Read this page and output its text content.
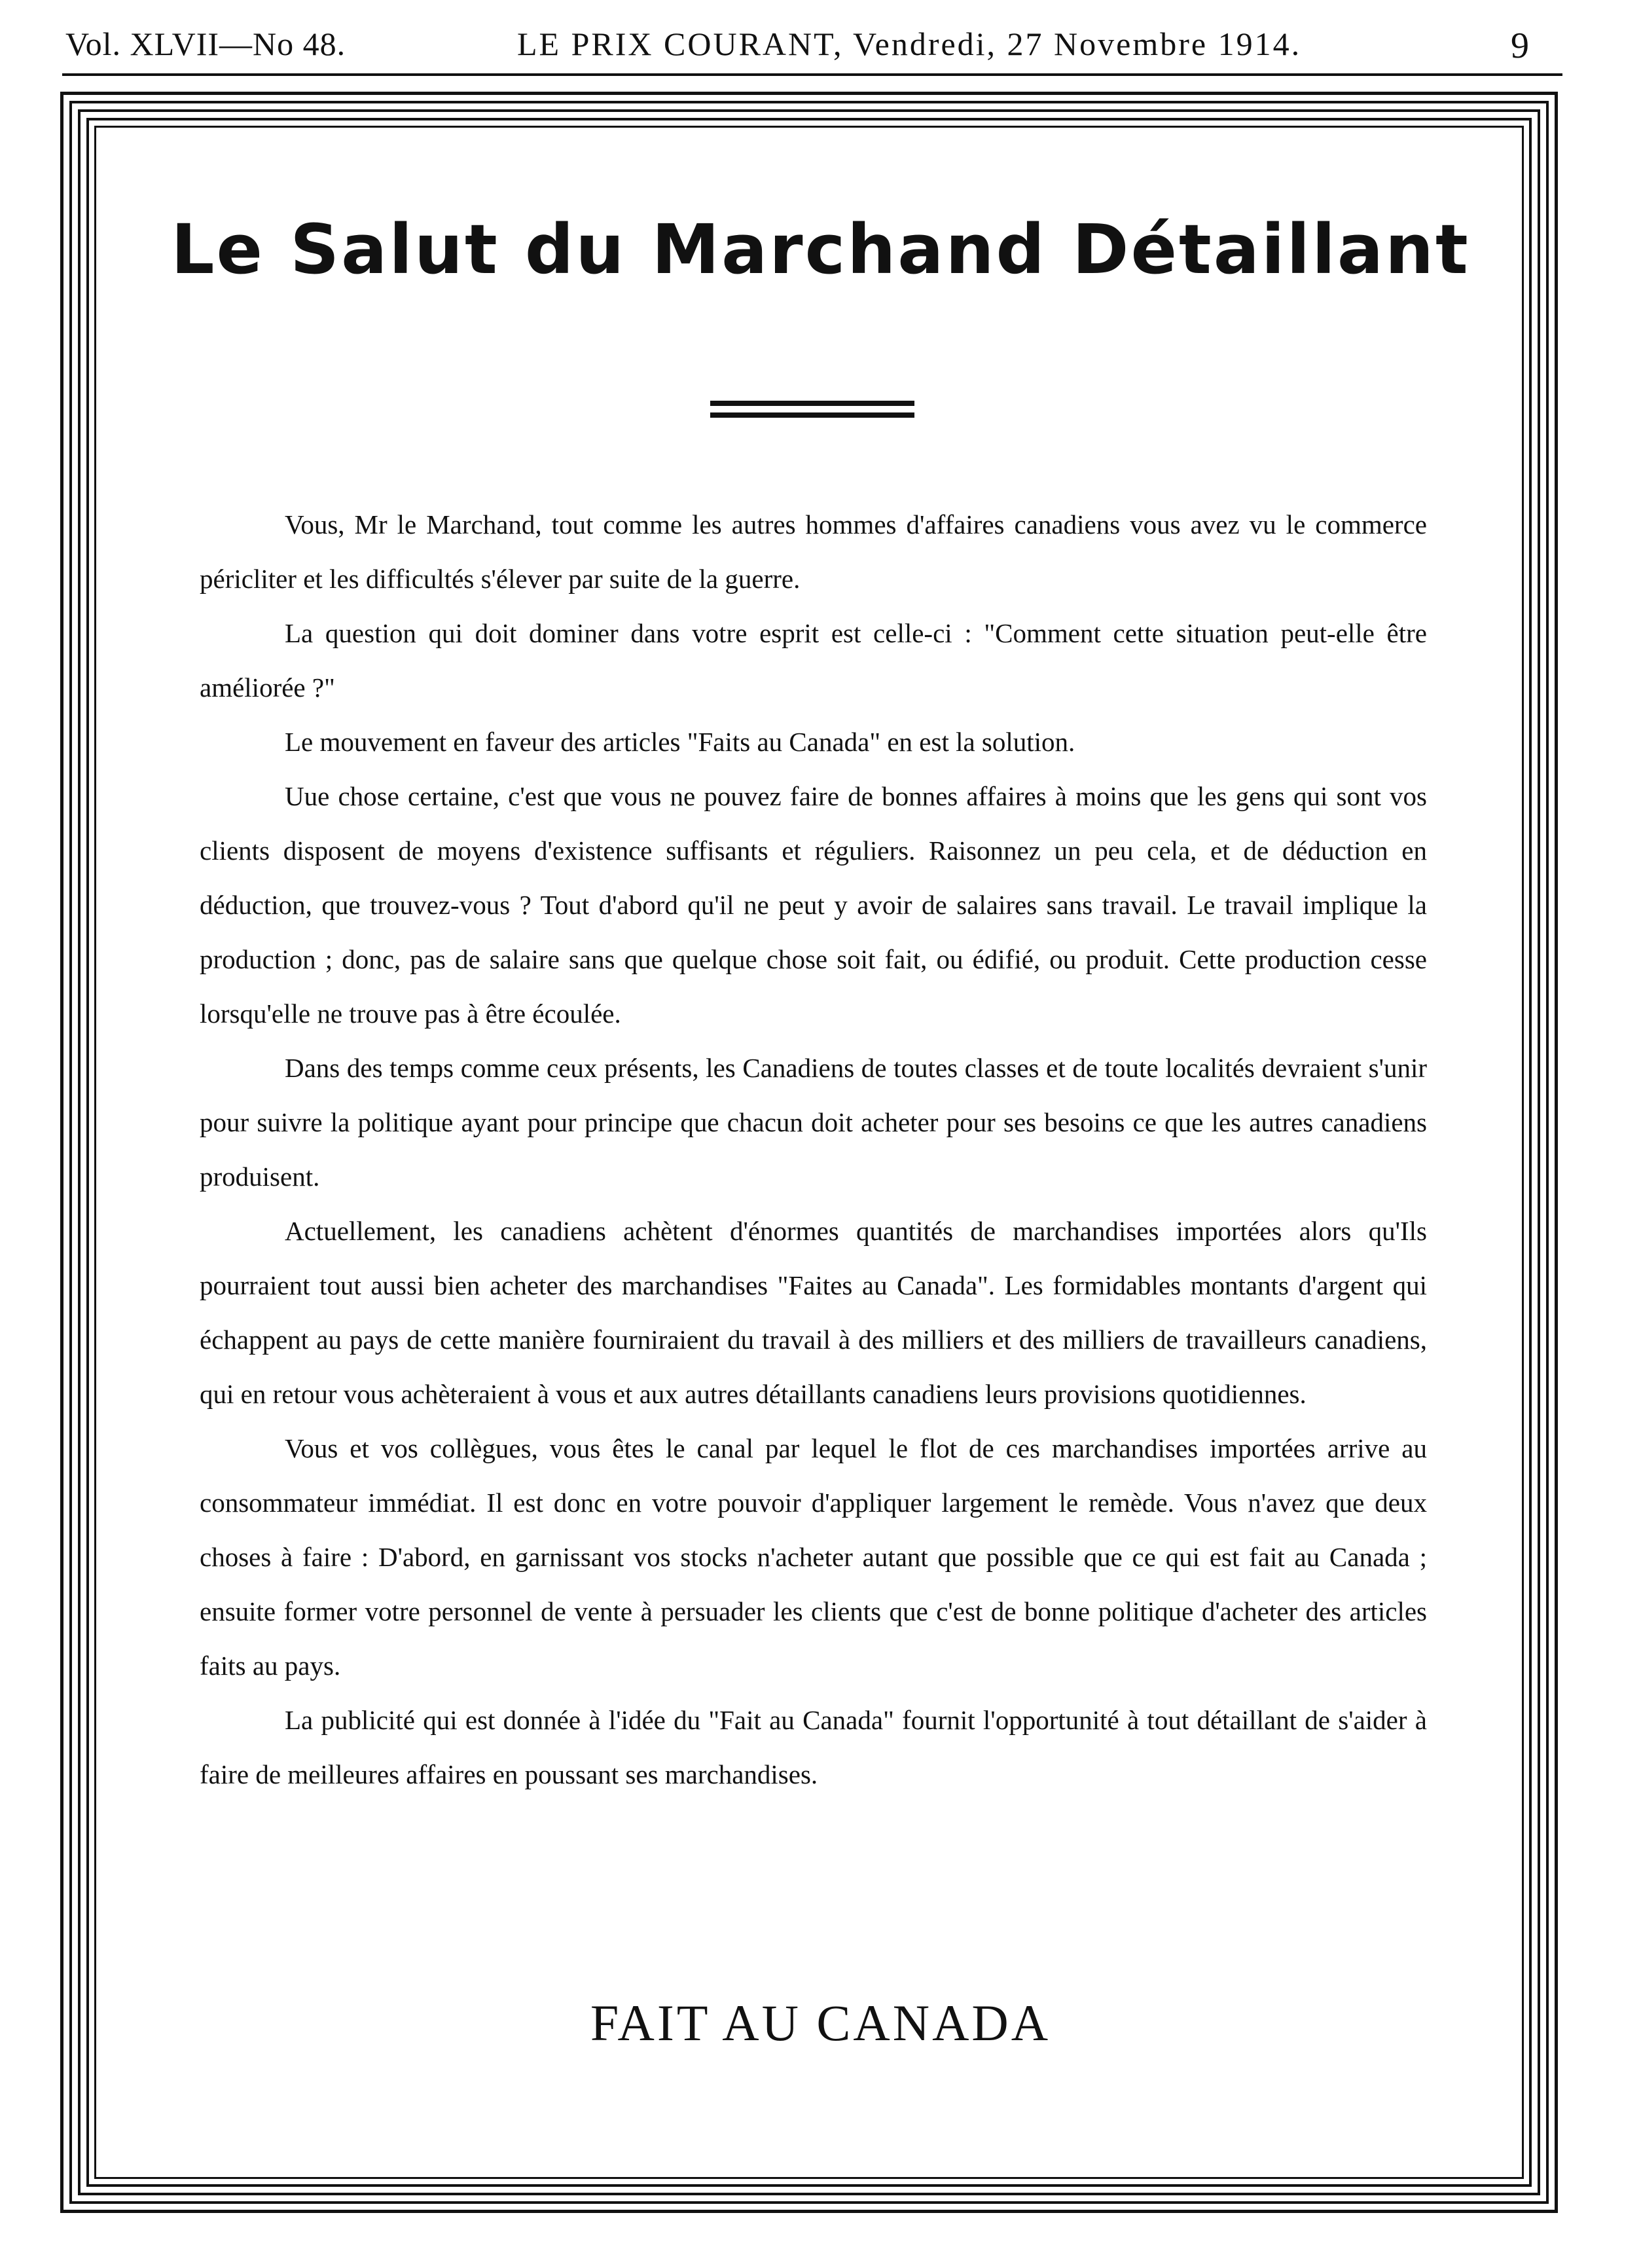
Vol. XLVII—No 48.	LE PRIX COURANT, Vendredi, 27 Novembre 1914.	9
Le Salut du Marchand Détaillant

Vous, Mr le Marchand, tout comme les autres hommes d'affaires canadiens vous avez vu le commerce péricliter et les difficultés s'élever par suite de la guerre.

La question qui doit dominer dans votre esprit est celle-ci : "Comment cette situation peut-elle être améliorée ?"

Le mouvement en faveur des articles "Faits au Canada" en est la solution.

Uue chose certaine, c'est que vous ne pouvez faire de bonnes affaires à moins que les gens qui sont vos clients disposent de moyens d'existence suffisants et réguliers. Raisonnez un peu cela, et de déduction en déduction, que trouvez-vous ? Tout d'abord qu'il ne peut y avoir de salaires sans travail. Le travail implique la production ; donc, pas de salaire sans que quelque chose soit fait, ou édifié, ou produit. Cette production cesse lorsqu'elle ne trouve pas à être écoulée.

Dans des temps comme ceux présents, les Canadiens de toutes classes et de toute localités devraient s'unir pour suivre la politique ayant pour principe que chacun doit acheter pour ses besoins ce que les autres canadiens produisent.

Actuellement, les canadiens achètent d'énormes quantités de marchandises importées alors qu'Ils pourraient tout aussi bien acheter des marchandises "Faites au Canada". Les formidables montants d'argent qui échappent au pays de cette manière fourniraient du travail à des milliers et des milliers de travailleurs canadiens, qui en retour vous achèteraient à vous et aux autres détaillants canadiens leurs provisions quotidiennes.

Vous et vos collègues, vous êtes le canal par lequel le flot de ces marchandises importées arrive au consommateur immédiat. Il est donc en votre pouvoir d'appliquer largement le remède. Vous n'avez que deux choses à faire : D'abord, en garnissant vos stocks n'acheter autant que possible que ce qui est fait au Canada ; ensuite former votre personnel de vente à persuader les clients que c'est de bonne politique d'acheter des articles faits au pays.

La publicité qui est donnée à l'idée du "Fait au Canada" fournit l'opportunité à tout détaillant de s'aider à faire de meilleures affaires en poussant ses marchandises.

FAIT AU CANADA
